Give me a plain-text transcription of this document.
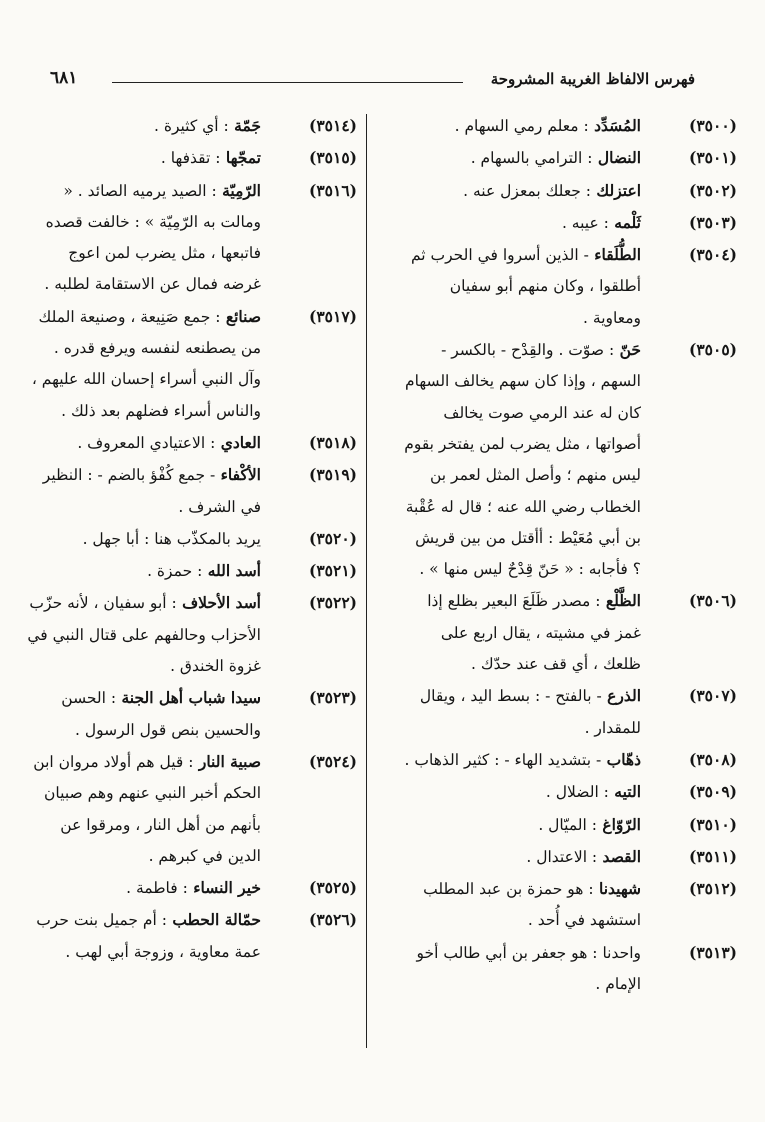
فهرس الالفاظ الغريبة المشروحة
٦٨١
(٣٥٠٠)
المُسَدِّد : معلم رمي السهام .
(٣٥٠١)
النضال : الترامي بالسهام .
(٣٥٠٢)
اعتزلك : جعلك بمعزل عنه .
(٣٥٠٣)
ثَلْمه : عيبه .
(٣٥٠٤)
الطُّلَقاء - الذين أسروا في الحرب ثم أطلقوا ، وكان منهم أبو سفيان ومعاوية .
(٣٥٠٥)
حَنّ : صوّت . والقِدْح - بالكسر - السهم ، وإذا كان سهم يخالف السهام كان له عند الرمي صوت يخالف أصواتها ، مثل يضرب لمن يفتخر بقوم ليس منهم ؛ وأصل المثل لعمر بن الخطاب رضي الله عنه ؛ قال له عُقْبة بن أبي مُعَيْط : أأقتل من بين قريش ؟ فأجابه : « حَنّ قِدْحٌ ليس منها » .
(٣٥٠٦)
الظَّلْع : مصدر ظَلَعَ البعير بظلع إذا غمز في مشيته ، يقال اربع على ظلعك ، أي قف عند حدّك .
(٣٥٠٧)
الذرع - بالفتح - : بسط اليد ، ويقال للمقدار .
(٣٥٠٨)
ذهّاب - بتشديد الهاء - : كثير الذهاب .
(٣٥٠٩)
التيه : الضلال .
(٣٥١٠)
الرّوّاغ : الميّال .
(٣٥١١)
القصد : الاعتدال .
(٣٥١٢)
شهيدنا : هو حمزة بن عبد المطلب استشهد في أُحد .
(٣٥١٣)
واحدنا : هو جعفر بن أبي طالب أخو الإمام .
(٣٥١٤)
جَمّة : أي كثيرة .
(٣٥١٥)
تمجّها : تقذفها .
(٣٥١٦)
الرّمِيّة : الصيد يرميه الصائد . « ومالت به الرّمِيّة » : خالفت قصده فاتبعها ، مثل يضرب لمن اعوج غرضه فمال عن الاستقامة لطلبه .
(٣٥١٧)
صنائع : جمع صَنِيعة ، وصنيعة الملك من يصطنعه لنفسه ويرفع قدره . وآل النبي أسراء إحسان الله عليهم ، والناس أسراء فضلهم بعد ذلك .
(٣٥١٨)
العادي : الاعتيادي المعروف .
(٣٥١٩)
الأكْفاء - جمع كُفْؤ بالضم - : النظير في الشرف .
(٣٥٢٠)
يريد بالمكذّب هنا : أبا جهل .
(٣٥٢١)
أسد الله : حمزة .
(٣٥٢٢)
أسد الأحلاف : أبو سفيان ، لأنه حزّب الأحزاب وحالفهم على قتال النبي في غزوة الخندق .
(٣٥٢٣)
سيدا شباب أهل الجنة : الحسن والحسين بنص قول الرسول .
(٣٥٢٤)
صبية النار : قيل هم أولاد مروان ابن الحكم أخبر النبي عنهم وهم صبيان بأنهم من أهل النار ، ومرقوا عن الدين في كبرهم .
(٣٥٢٥)
خير النساء : فاطمة .
(٣٥٢٦)
حمّالة الحطب : أم جميل بنت حرب عمة معاوية ، وزوجة أبي لهب .
